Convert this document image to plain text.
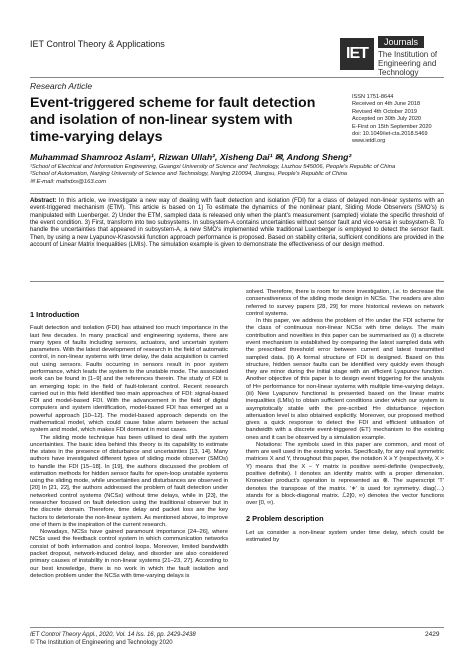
IET Control Theory & Applications
IET
Journals
The Institution of
Engineering and Technology
Research Article
Event-triggered scheme for fault detection and isolation of non-linear system with time-varying delays
ISSN 1751-8644
Received on 4th June 2018
Revised 4th October 2019
Accepted on 30th July 2020
E-First on 15th September 2020
doi: 10.1049/iet-cta.2018.5469
www.ietdl.org
Muhammad Shamrooz Aslam¹, Rizwan Ullah², Xisheng Dai¹ ✉, Andong Sheng²
¹School of Electrical and Information Engineering, Guangxi University of Science and Technology, Liuzhou 545006, People's Republic of China
²School of Automation, Nanjing University of Science and Technology, Nanjing 210094, Jiangsu, People's Republic of China
✉ E-mail: mathdxs@163.com
Abstract: In this article, we investigate a new way of dealing with fault detection and isolation (FDI) for a class of delayed non-linear systems with an event-triggered mechanism (ETM). This article is based on 1) To estimate the dynamics of the nonlinear plant, Sliding Mode Observers (SMO's) is manipulated with Luenberger. 2) Under the ETM, sampled data is released only when the plant's measurement (sampled) violate the specific threshold of the event condition. 3) First, transform into two subsystems. In subsystem-A contains uncertainties without sensor fault and vice-versa in subsystem-B. To handle the uncertainties that appeared in subsystem-A, a new SMO's implemented while traditional Luenberger is employed to detect the sensor fault. Then, by using a new Lyapunov-Krasovskii function approach performance is proposed. Based on stability criteria, sufficient conditions are provided in the account of Linear Matrix Inequalities (LMIs). The simulation example is given to demonstrate the effectiveness of our design method.
1 Introduction

Fault detection and isolation (FDI) has attained too much importance in the last few decades. In many practical and engineering systems, there are many types of faults including sensors, actuators, and uncertain system parameters. With the latest development of research in the field of automatic control, in non-linear systems with time delay, the data acquisition is carried out using sensors. Faults occurring in sensors result in poor system performance, which leads the system to the unstable mode. The associated work can be found in [1–9] and the references therein. The study of FDI is an emerging topic in the field of fault-tolerant control. Recent research carried out in this field identified two main approaches of FDI: signal-based FDI and model-based FDI. With the advancement in the field of digital computers and system identification, model-based FDI has emerged as a powerful approach [10–12]. The model-based approach depends on the mathematical model, which could cause false alarm between the actual system and model, which makes FDI dormant in most cases.

The sliding mode technique has been utilised to deal with the system uncertainties. The basic idea behind this theory is its capability to estimate the states in the presence of disturbance and uncertainties [13, 14]. Many authors have investigated different types of sliding mode observer (SMOs) to handle the FDI [15–18]. In [19], the authors discussed the problem of estimation methods for hidden sensor faults for open-loop unstable systems using the sliding mode, while uncertainties and disturbances are observed in [20] In [21, 22], the authors addressed the problem of fault detection under networked control systems (NCSs) without time delays, while in [23], the researcher focused on fault detection using the traditional observer but in the discrete domain. Therefore, time delay and packet loss are the key factors to deteriorate the non-linear system. As mentioned above, to improve one of them is the inspiration of the current research.

Nowadays, NCSs have gained paramount importance [24–26], where NCSs used the feedback control system in which communication networks consist of both information and control loops. Moreover, limited bandwidth packet dropout, network-induced delay, and disorder are also considered primary causes of instability in non-linear systems [21–23, 27]. According to our best knowledge, there is no work in which the fault isolation and detection problem under the NCSs with time-varying delays is

solved. Therefore, there is room for more investigation, i.e. to decrease the conservativeness of the sliding mode design in NCSs. The readers are also referred to survey papers [28, 29] for more historical reviews on network control systems.

In this paper, we address the problem of H∞ under the FDI scheme for the class of continuous non-linear NCSs with time delays. The main contribution and novelties in this paper can be summarised as (i) a discrete event mechanism is established by comparing the latest sampled data with the prescribed threshold error between current and latest transmitted sampled data. (ii) A formal structure of FDI is designed. Based on this structure, hidden sensor faults can be identified very quickly even though they are minor during the initial stage with an efficient Lyapunov function. Another objective of this paper is to design event triggering for the analysis of H∞ performance for non-linear systems with multiple time-varying delays. (iii) New Lyapunov functional is presented based on the linear matrix inequalities (LMIs) to obtain sufficient conditions under which our system is asymptotically stable with the pre-scribed H∞ disturbance rejection attenuation level is also obtained explicitly. Moreover, our proposed method gives a quick response to detect the FDI and efficient utilisation of bandwidth with a discrete event-triggered (ET) mechanism to the existing ones and it can be observed by a simulation example.

Notations: The symbols used in this paper are common, and most of them are well used in the existing works. Specifically, for any real symmetric matrices X and Y, throughout this paper, the notation X ≥ Y (respectively, X > Y) means that the X − Y matrix is positive semi-definite (respectively, positive definite). I denotes an identity matrix with a proper dimension. Kronecker product's operation is represented as ⊗. The superscript 'T' denotes the transpose of the matrix. '∗' is used for symmetry. diag(…) stands for a block-diagonal matrix. ℒ2[0, ∞) denotes the vector functions over [0, ∞).

2 Problem description

Let us consider a non-linear system under time delay, which could be estimated by

IET Control Theory Appl., 2020, Vol. 14 Iss. 16, pp. 2429-2438
© The Institution of Engineering and Technology 2020
2429
